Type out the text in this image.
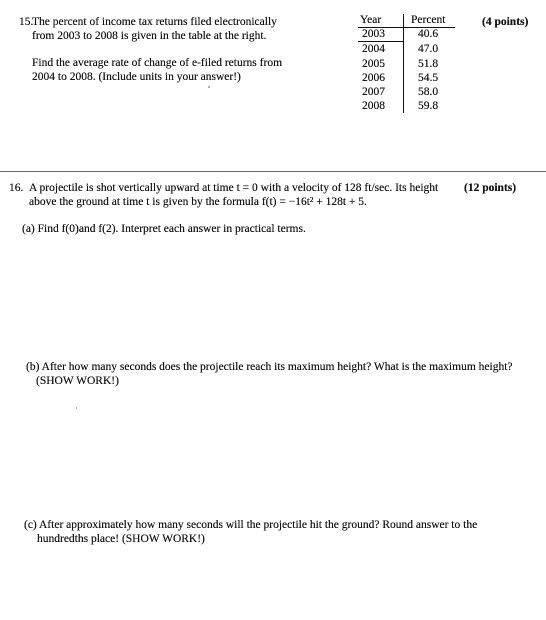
15.
The percent of income tax returns filed electronically
from 2003 to 2008 is given in the table at the right.
Find the average rate of change of e-filed returns from
2004 to 2008. (Include units in your answer!)
(4 points)
Year	Percent
2003	40.6
2004	47.0
2005	51.8
2006	54.5
2007	58.0
2008	59.8
16. A projectile is shot vertically upward at time t = 0 with a velocity of 128 ft/sec. Its height
above the ground at time t is given by the formula f(t) = −16t² + 128t + 5.
(12 points)
(a) Find f(0)and f(2). Interpret each answer in practical terms.
(b) After how many seconds does the projectile reach its maximum height? What is the maximum height?
(SHOW WORK!)
(c) After approximately how many seconds will the projectile hit the ground? Round answer to the
hundredths place! (SHOW WORK!)
